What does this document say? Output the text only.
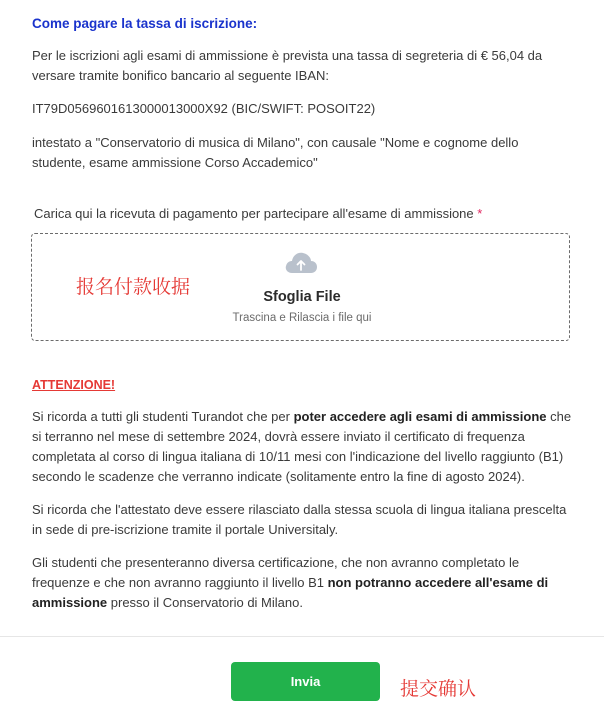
Come pagare la tassa di iscrizione:

Per le iscrizioni agli esami di ammissione è prevista una tassa di segreteria di € 56,04 da versare tramite bonifico bancario al seguente IBAN:

IT79D0569601613000013000X92 (BIC/SWIFT: POSOIT22)

intestato a "Conservatorio di musica di Milano", con causale "Nome e cognome dello studente, esame ammissione Corso Accademico"

Carica qui la ricevuta di pagamento per partecipare all'esame di ammissione *
Sfoglia File
Trascina e Rilascia i file qui
报名付款收据
ATTENZIONE!

Si ricorda a tutti gli studenti Turandot che per poter accedere agli esami di ammissione che si terranno nel mese di settembre 2024, dovrà essere inviato il certificato di frequenza completata al corso di lingua italiana di 10/11 mesi con l'indicazione del livello raggiunto (B1) secondo le scadenze che verranno indicate (solitamente entro la fine di agosto 2024).

Si ricorda che l'attestato deve essere rilasciato dalla stessa scuola di lingua italiana prescelta in sede di pre-iscrizione tramite il portale Universitaly.

Gli studenti che presenteranno diversa certificazione, che non avranno completato le frequenze e che non avranno raggiunto il livello B1 non potranno accedere all'esame di ammissione presso il Conservatorio di Milano.

Invia	提交确认
